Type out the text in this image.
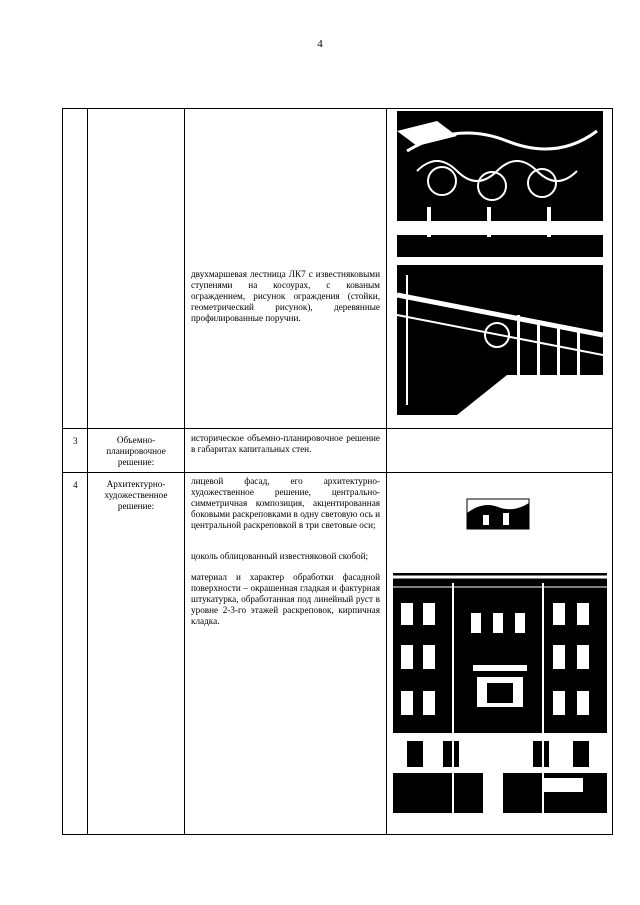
4

		двухмаршевая лестница ЛК7 с известняковыми ступенями на косоурах, с кованым ограждением, рисунок ограждения (стойки, геометрический рисунок), деревянные профилированные поручни.

3	Объемно-планировочное решение:	историческое объемно-планировочное решение в габаритах капитальных стен.	

4	Архитектурно-художественное решение:	лицевой фасад, его архитектурно-художественное решение, центрально-симметричная композиция, акцентированная боковыми раскреповками в одну световую ось и центральной раскреповкой в три световые оси;
цоколь облицованный известняковой скобой;
материал и характер обработки фасадной поверхности – окрашенная гладкая и фактурная штукатурка, обработанная под линейный руст в уровне 2-3-го этажей раскреповок, кирпичная кладка.
